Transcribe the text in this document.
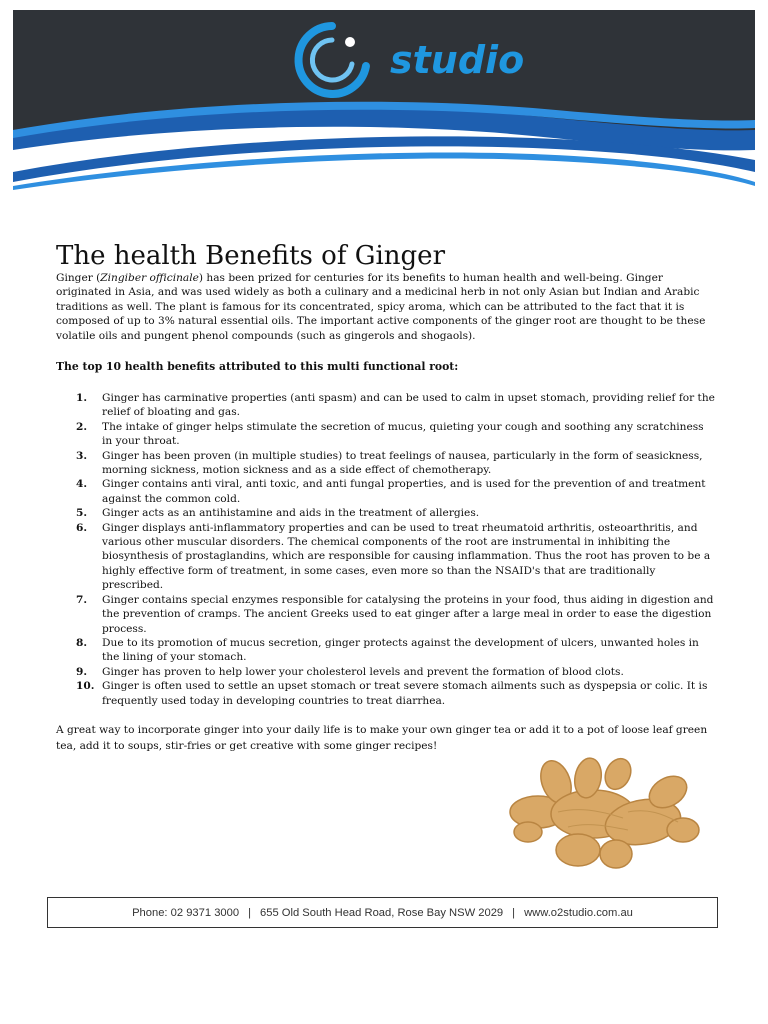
studio
The health Benefits of Ginger

Ginger (Zingiber officinale) has been prized for centuries for its benefits to human health and well-being. Ginger originated in Asia, and was used widely as both a culinary and a medicinal herb in not only Asian but Indian and Arabic traditions as well. The plant is famous for its concentrated, spicy aroma, which can be attributed to the fact that it is composed of up to 3% natural essential oils. The important active components of the ginger root are thought to be these volatile oils and pungent phenol compounds (such as gingerols and shogaols).

The top 10 health benefits attributed to this multi functional root:

1. Ginger has carminative properties (anti spasm) and can be used to calm in upset stomach, providing relief for the relief of bloating and gas.
2. The intake of ginger helps stimulate the secretion of mucus, quieting your cough and soothing any scratchiness in your throat.
3. Ginger has been proven (in multiple studies) to treat feelings of nausea, particularly in the form of seasickness, morning sickness, motion sickness and as a side effect of chemotherapy.
4. Ginger contains anti viral, anti toxic, and anti fungal properties, and is used for the prevention of and treatment against the common cold.
5. Ginger acts as an antihistamine and aids in the treatment of allergies.
6. Ginger displays anti-inflammatory properties and can be used to treat rheumatoid arthritis, osteoarthritis, and various other muscular disorders. The chemical components of the root are instrumental in inhibiting the biosynthesis of prostaglandins, which are responsible for causing inflammation. Thus the root has proven to be a highly effective form of treatment, in some cases, even more so than the NSAID's that are traditionally prescribed.
7. Ginger contains special enzymes responsible for catalysing the proteins in your food, thus aiding in digestion and the prevention of cramps. The ancient Greeks used to eat ginger after a large meal in order to ease the digestion process.
8. Due to its promotion of mucus secretion, ginger protects against the development of ulcers, unwanted holes in the lining of your stomach.
9. Ginger has proven to help lower your cholesterol levels and prevent the formation of blood clots.
10. Ginger is often used to settle an upset stomach or treat severe stomach ailments such as dyspepsia or colic. It is frequently used today in developing countries to treat diarrhea.

A great way to incorporate ginger into your daily life is to make your own ginger tea or add it to a pot of loose leaf green tea, add it to soups, stir-fries or get creative with some ginger recipes!

Phone: 02 9371 3000 | 655 Old South Head Road, Rose Bay NSW 2029 | www.o2studio.com.au
